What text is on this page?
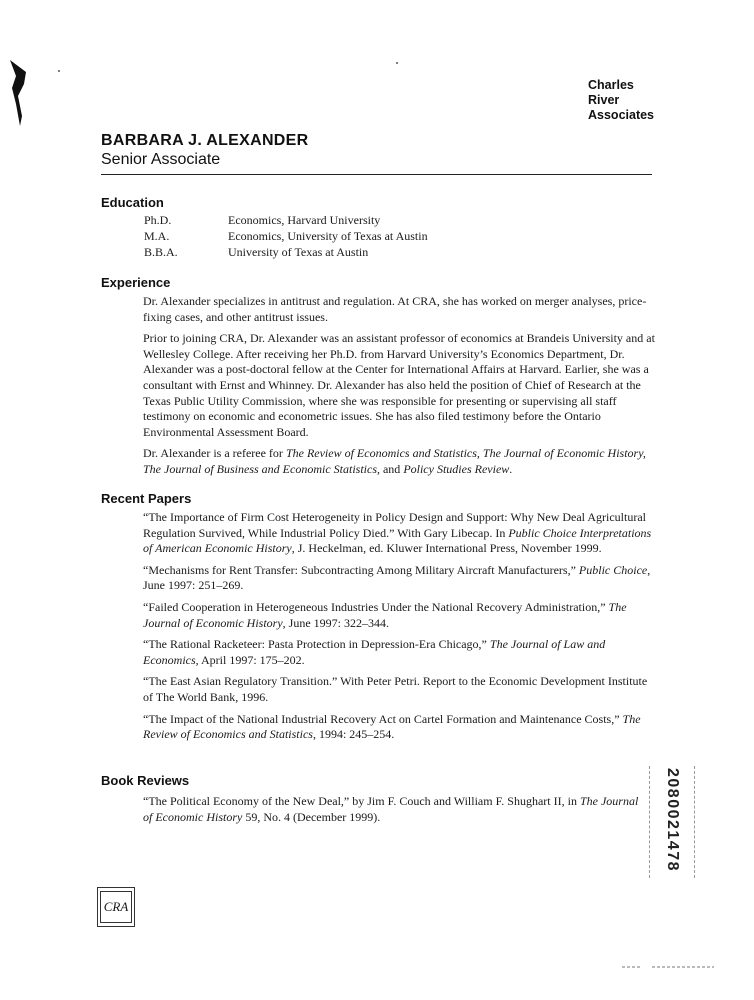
Charles
River
Associates
BARBARA J. ALEXANDER
Senior Associate
Education
Ph.D.	Economics, Harvard University
M.A.	Economics, University of Texas at Austin
B.B.A.	University of Texas at Austin
Experience

Dr. Alexander specializes in antitrust and regulation. At CRA, she has worked on merger analyses, price-fixing cases, and other antitrust issues.

Prior to joining CRA, Dr. Alexander was an assistant professor of economics at Brandeis University and at Wellesley College. After receiving her Ph.D. from Harvard University’s Economics Department, Dr. Alexander was a post-doctoral fellow at the Center for International Affairs at Harvard. Earlier, she was a consultant with Ernst and Whinney. Dr. Alexander has also held the position of Chief of Research at the Texas Public Utility Commission, where she was responsible for presenting or supervising all staff testimony on economic and econometric issues. She has also filed testimony before the Ontario Environmental Assessment Board.

Dr. Alexander is a referee for The Review of Economics and Statistics, The Journal of Economic History, The Journal of Business and Economic Statistics, and Policy Studies Review.

Recent Papers

“The Importance of Firm Cost Heterogeneity in Policy Design and Support: Why New Deal Agricultural Regulation Survived, While Industrial Policy Died.” With Gary Libecap. In Public Choice Interpretations of American Economic History, J. Heckelman, ed. Kluwer International Press, November 1999.

“Mechanisms for Rent Transfer: Subcontracting Among Military Aircraft Manufacturers,” Public Choice, June 1997: 251–269.

“Failed Cooperation in Heterogeneous Industries Under the National Recovery Administration,” The Journal of Economic History, June 1997: 322–344.

“The Rational Racketeer: Pasta Protection in Depression-Era Chicago,” The Journal of Law and Economics, April 1997: 175–202.

“The East Asian Regulatory Transition.” With Peter Petri. Report to the Economic Development Institute of The World Bank, 1996.

“The Impact of the National Industrial Recovery Act on Cartel Formation and Maintenance Costs,” The Review of Economics and Statistics, 1994: 245–254.

Book Reviews

“The Political Economy of the New Deal,” by Jim F. Couch and William F. Shughart II, in The Journal of Economic History 59, No. 4 (December 1999).

CRA
2080021478
